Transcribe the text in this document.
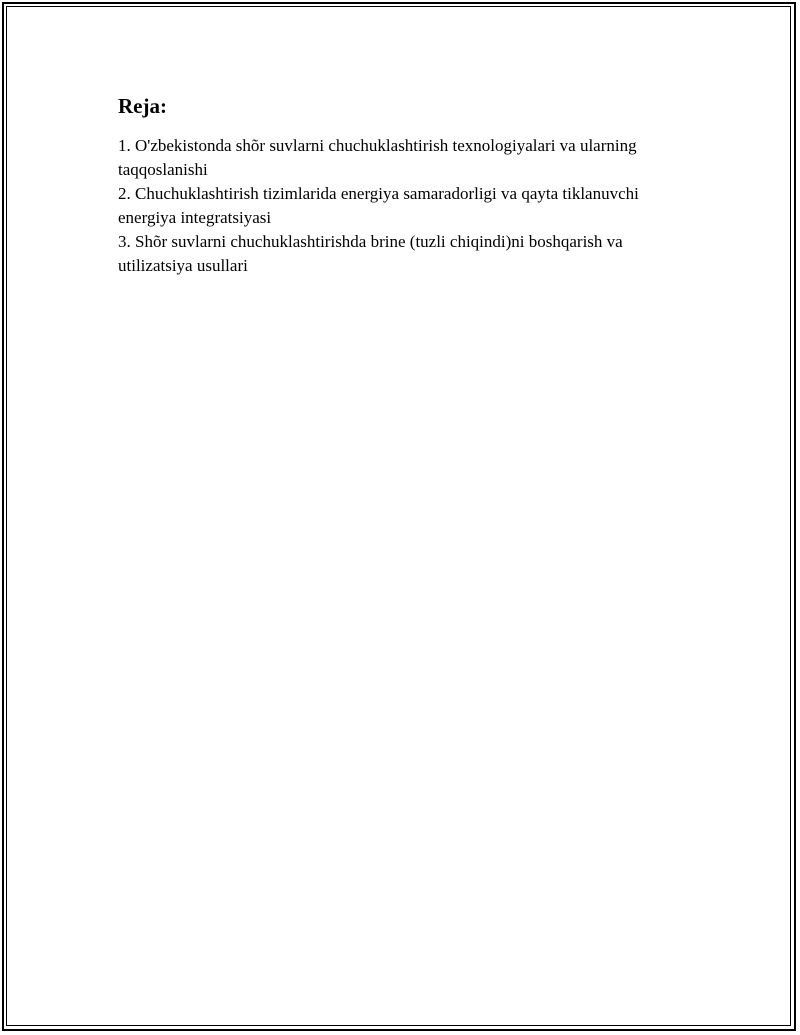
Reja:
1. O'zbekistonda shõr suvlarni chuchuklashtirish texnologiyalari va ularning taqqoslanishi
2. Chuchuklashtirish tizimlarida energiya samaradorligi va qayta tiklanuvchi energiya integratsiyasi
3. Shõr suvlarni chuchuklashtirishda brine (tuzli chiqindi)ni boshqarish va utilizatsiya usullari
